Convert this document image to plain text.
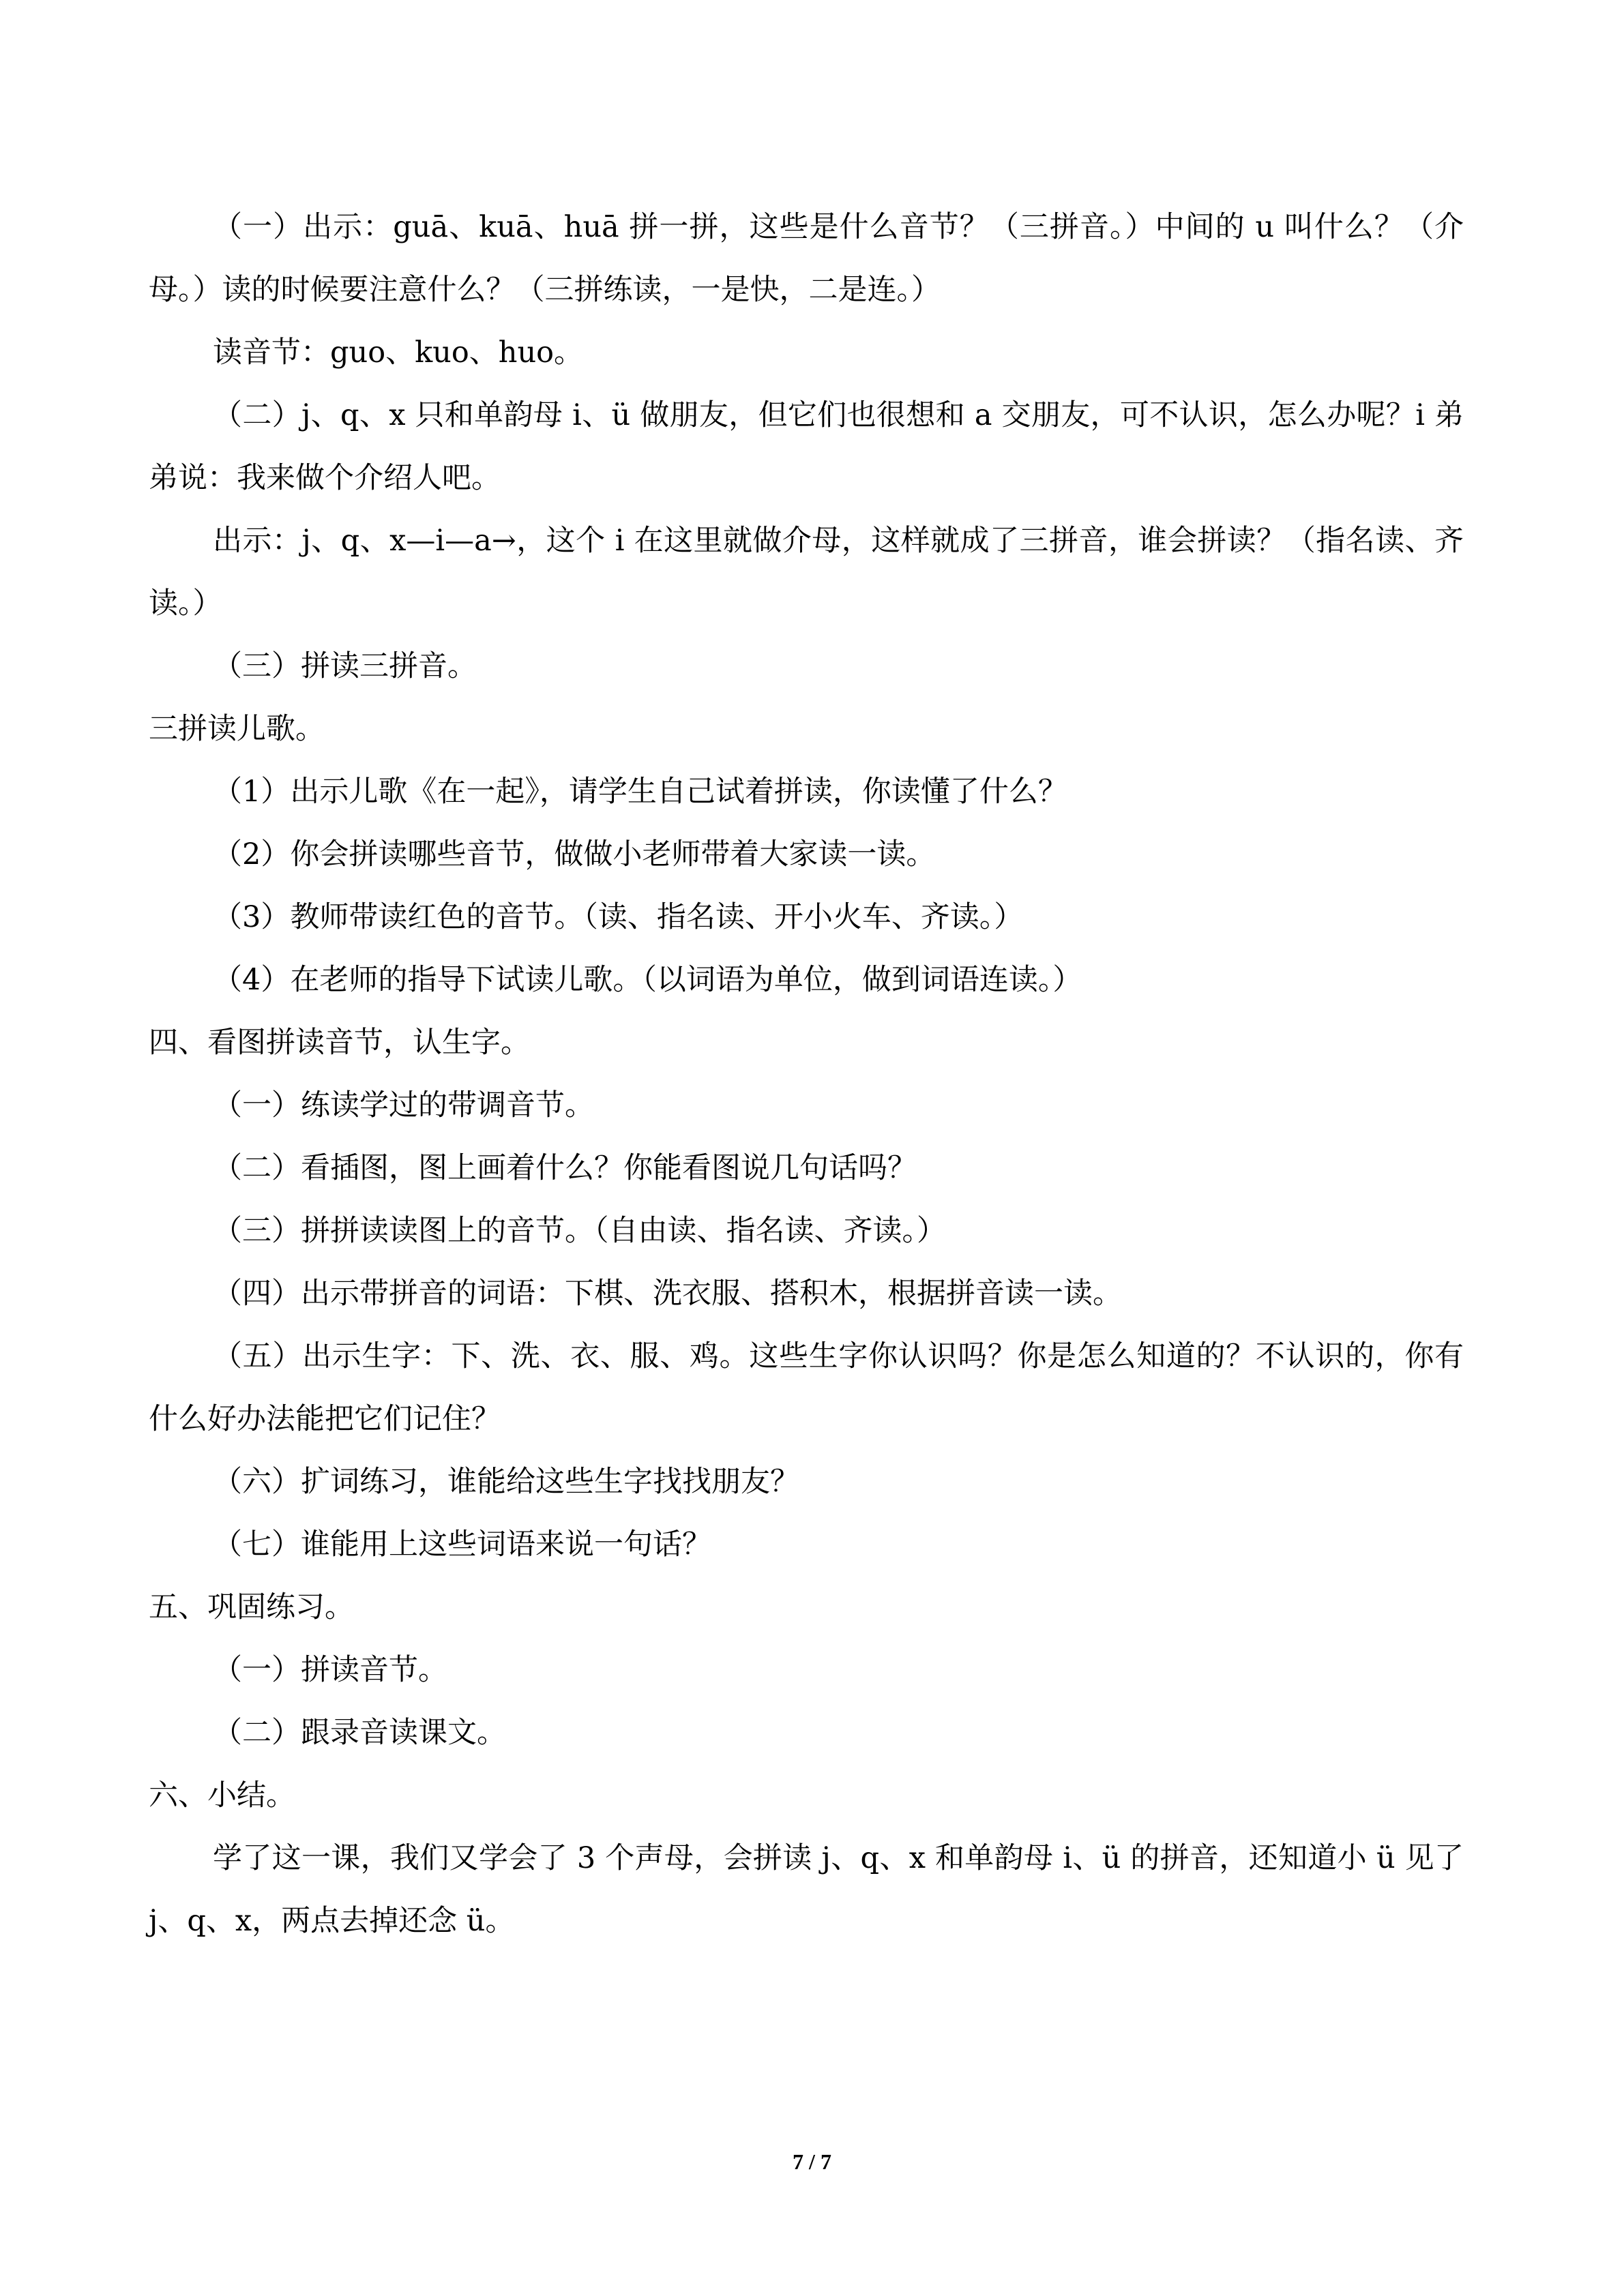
（一）出示：guā、kuā、huā 拼一拼，这些是什么音节？（三拼音。）中间的 u 叫什么？（介母。）读的时候要注意什么？（三拼练读，一是快，二是连。）

读音节：guo、kuo、huo。

（二）j、q、x 只和单韵母 i、ü 做朋友，但它们也很想和 a 交朋友，可不认识，怎么办呢？i 弟弟说：我来做个介绍人吧。

出示：j、q、x—i—a→，这个 i 在这里就做介母，这样就成了三拼音，谁会拼读？（指名读、齐读。）

（三）拼读三拼音。

三拼读儿歌。

（1）出示儿歌《在一起》，请学生自己试着拼读，你读懂了什么？

（2）你会拼读哪些音节，做做小老师带着大家读一读。

（3）教师带读红色的音节。（读、指名读、开小火车、齐读。）

（4）在老师的指导下试读儿歌。（以词语为单位，做到词语连读。）

四、看图拼读音节，认生字。

（一）练读学过的带调音节。

（二）看插图，图上画着什么？你能看图说几句话吗？

（三）拼拼读读图上的音节。（自由读、指名读、齐读。）

（四）出示带拼音的词语：下棋、洗衣服、搭积木，根据拼音读一读。

（五）出示生字：下、洗、衣、服、鸡。这些生字你认识吗？你是怎么知道的？不认识的，你有什么好办法能把它们记住？

（六）扩词练习，谁能给这些生字找找朋友？

（七）谁能用上这些词语来说一句话？

五、巩固练习。

（一）拼读音节。

（二）跟录音读课文。

六、小结。

学了这一课，我们又学会了 3 个声母，会拼读 j、q、x 和单韵母 i、ü 的拼音，还知道小 ü 见了 j、q、x，两点去掉还念 ü。

7 / 7
